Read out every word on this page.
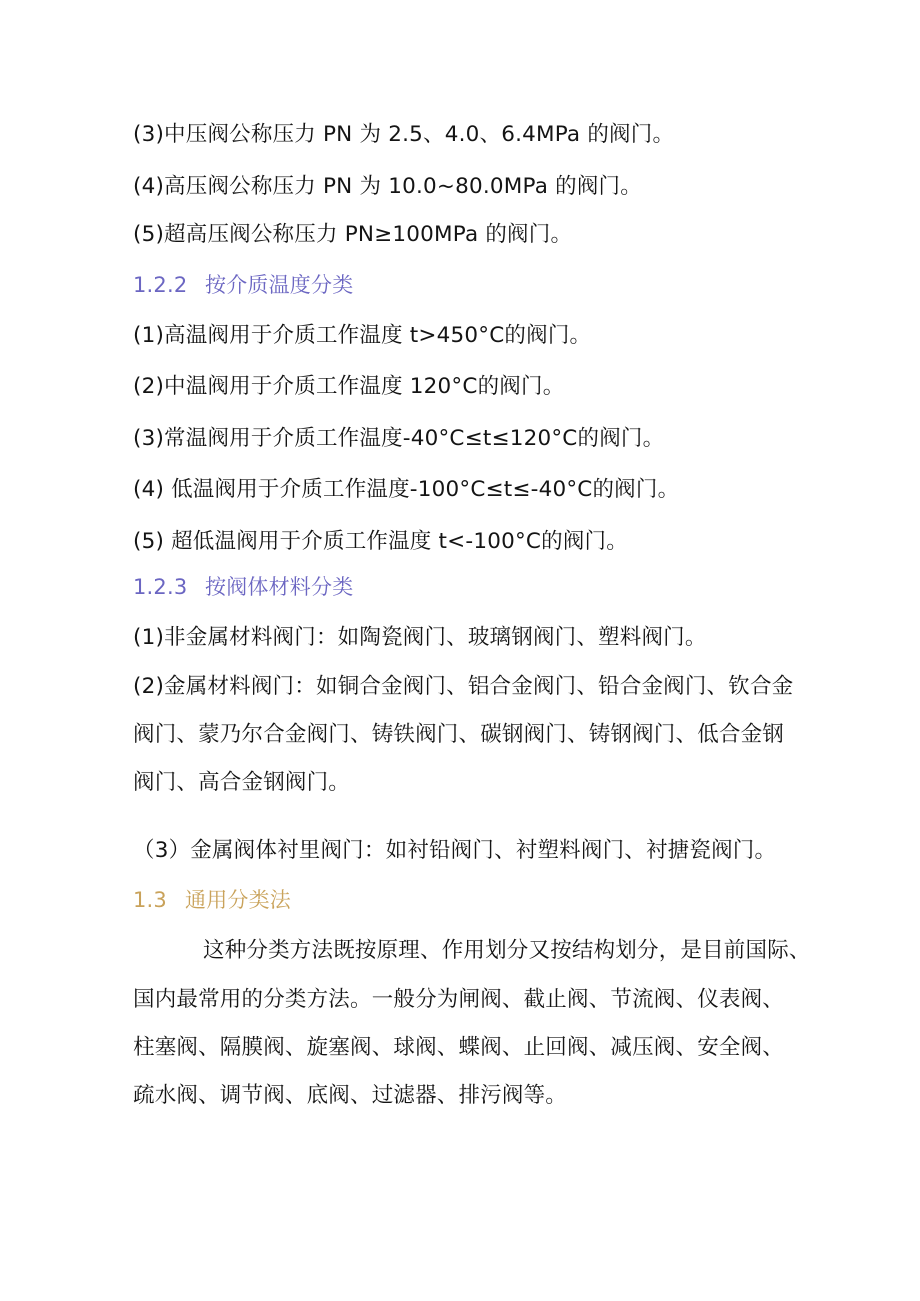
(3)中压阀公称压力 PN 为 2.5、4.0、6.4MPa 的阀门。
(4)高压阀公称压力 PN 为 10.0~80.0MPa 的阀门。
(5)超高压阀公称压力 PN≥100MPa 的阀门。
1.2.2 按介质温度分类
(1)高温阀用于介质工作温度 t>450°C的阀门。
(2)中温阀用于介质工作温度 120°C的阀门。
(3)常温阀用于介质工作温度-40°C≤t≤120°C的阀门。
(4) 低温阀用于介质工作温度-100°C≤t≤-40°C的阀门。
(5) 超低温阀用于介质工作温度 t<-100°C的阀门。
1.2.3 按阀体材料分类
(1)非金属材料阀门：如陶瓷阀门、玻璃钢阀门、塑料阀门。
(2)金属材料阀门：如铜合金阀门、铝合金阀门、铅合金阀门、钦合金
阀门、蒙乃尔合金阀门、铸铁阀门、碳钢阀门、铸钢阀门、低合金钢
阀门、高合金钢阀门。
（3）金属阀体衬里阀门：如衬铅阀门、衬塑料阀门、衬搪瓷阀门。
1.3 通用分类法
这种分类方法既按原理、作用划分又按结构划分，是目前国际、
国内最常用的分类方法。一般分为闸阀、截止阀、节流阀、仪表阀、
柱塞阀、隔膜阀、旋塞阀、球阀、蝶阀、止回阀、减压阀、安全阀、
疏水阀、调节阀、底阀、过滤器、排污阀等。
